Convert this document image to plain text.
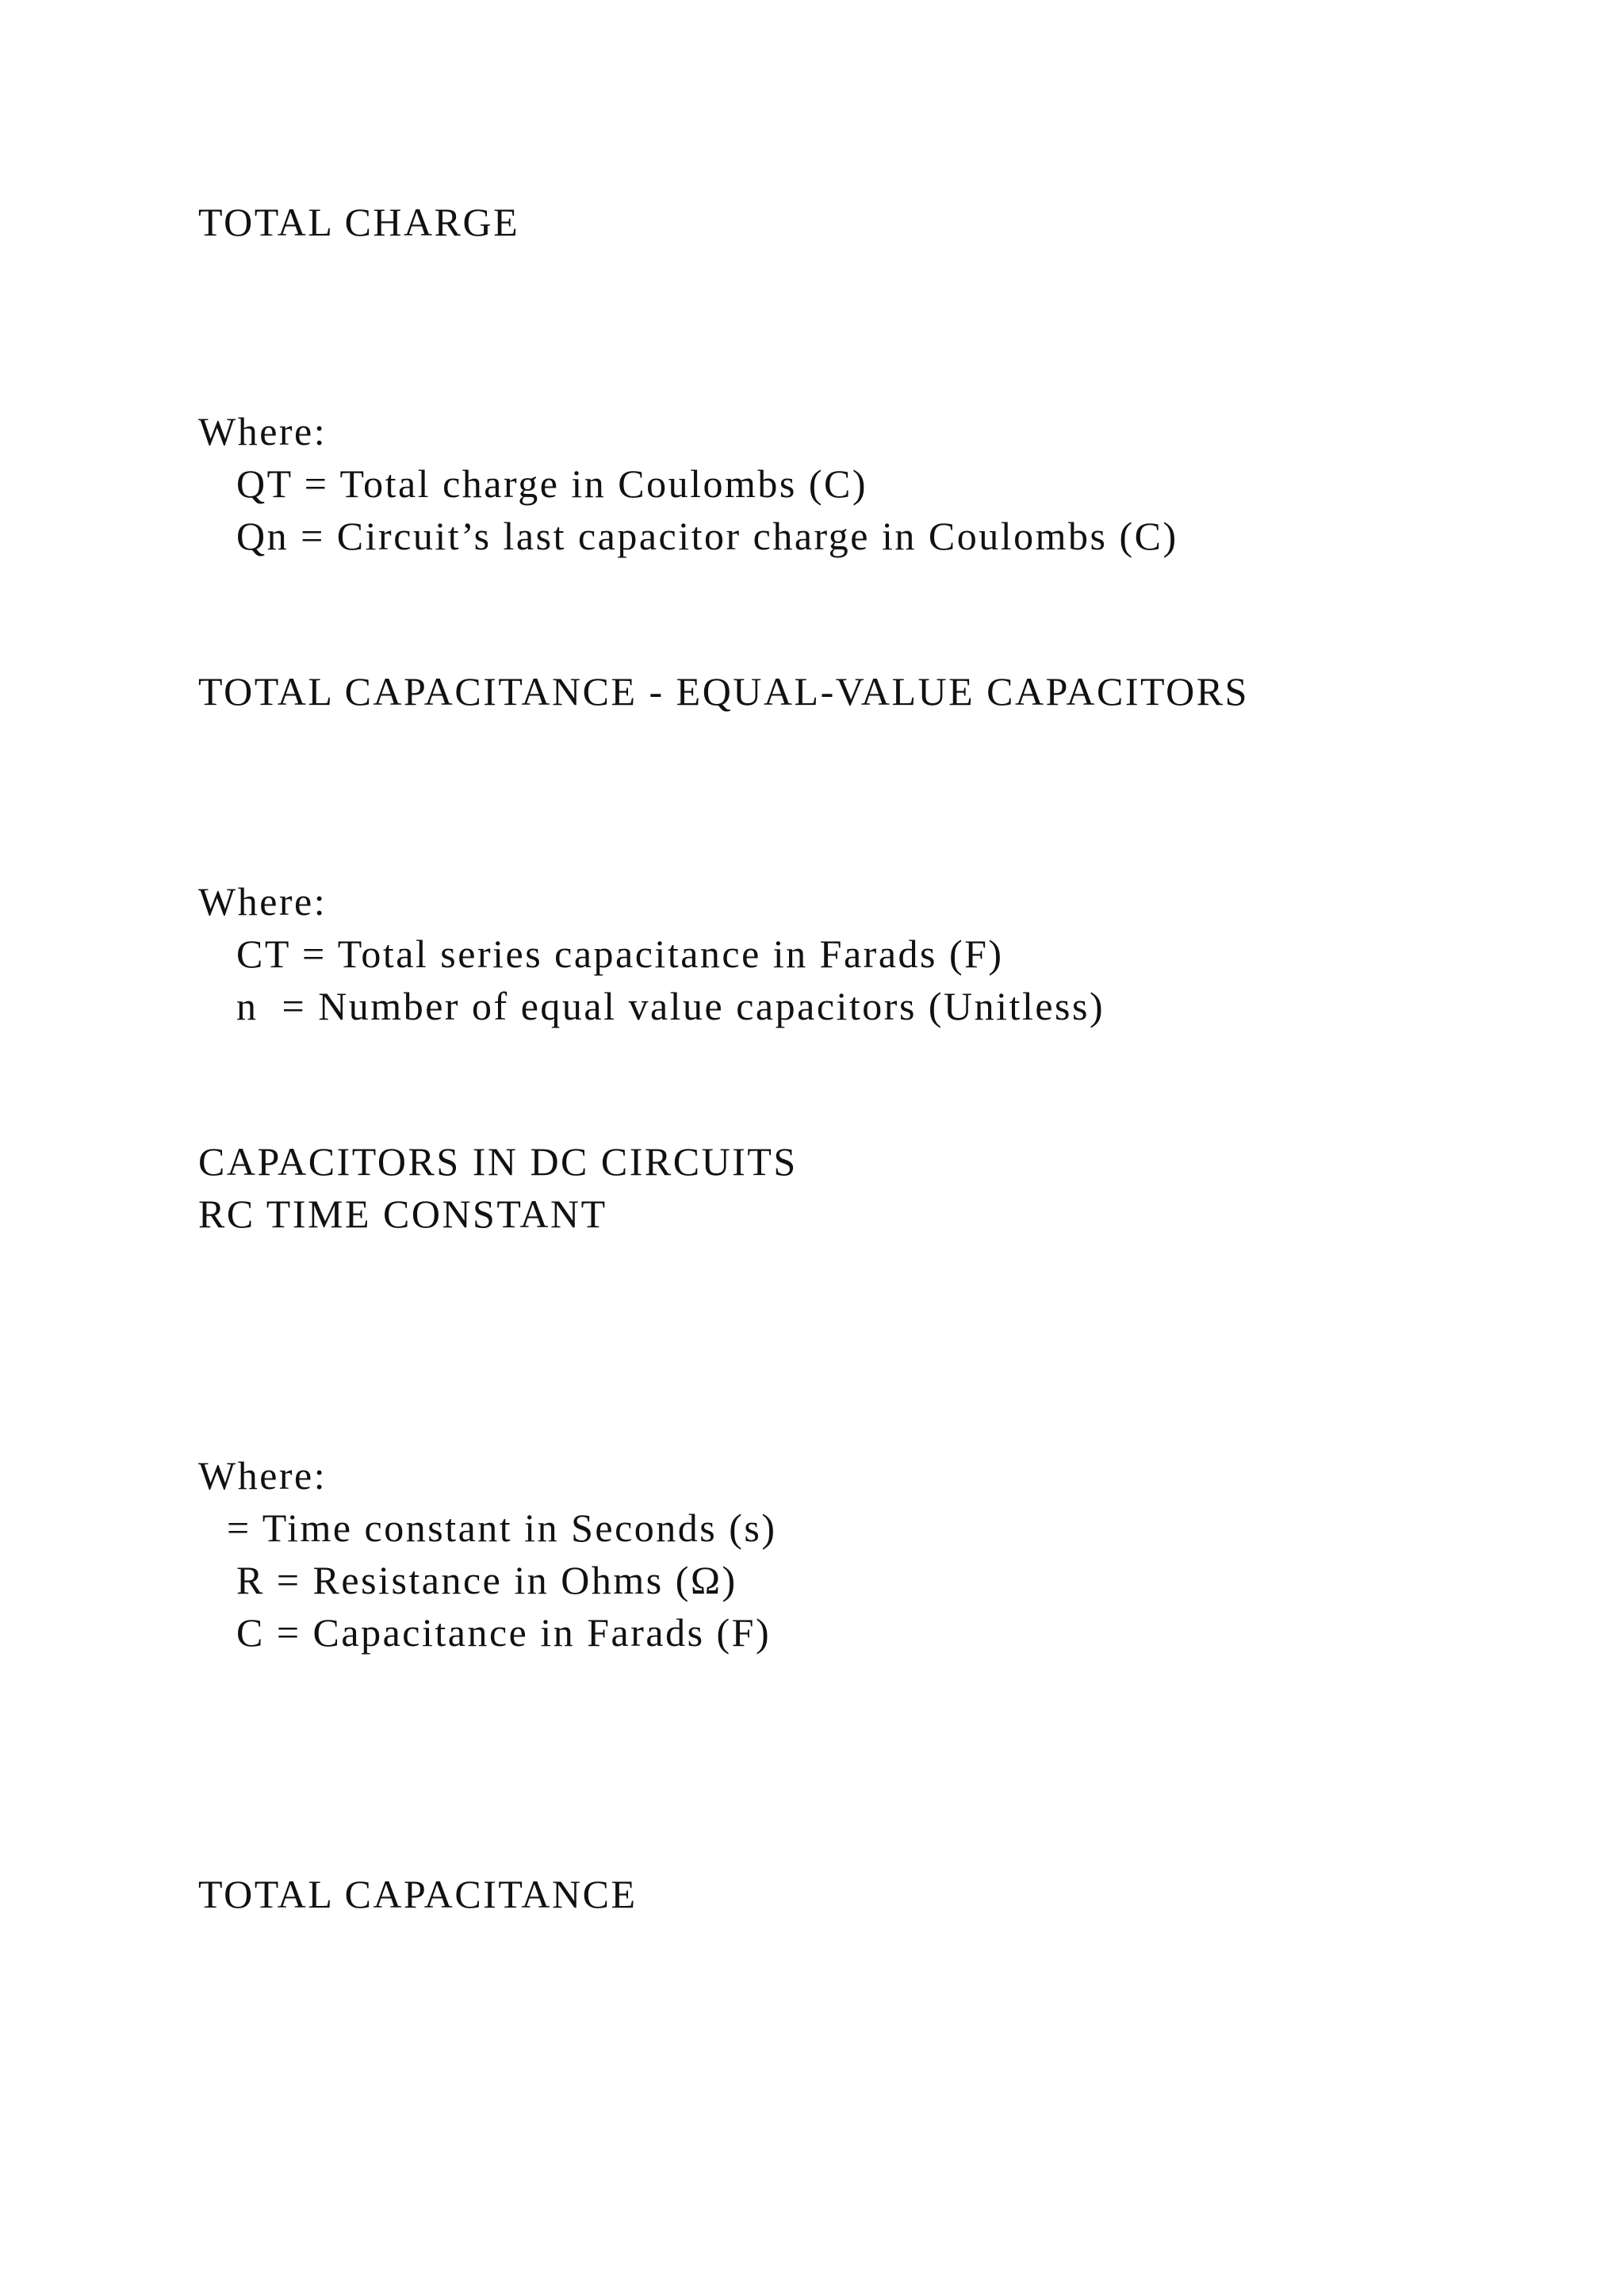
TOTAL CHARGE

Where:

QT = Total charge in Coulombs (C)

Qn = Circuit’s last capacitor charge in Coulombs (C)

TOTAL CAPACITANCE - EQUAL-VALUE CAPACITORS

Where:

CT = Total series capacitance in Farads (F)

n  = Number of equal value capacitors (Unitless)

CAPACITORS IN DC CIRCUITS

RC TIME CONSTANT

Where:

= Time constant in Seconds (s)

R = Resistance in Ohms (Ω)

C = Capacitance in Farads (F)

TOTAL CAPACITANCE
